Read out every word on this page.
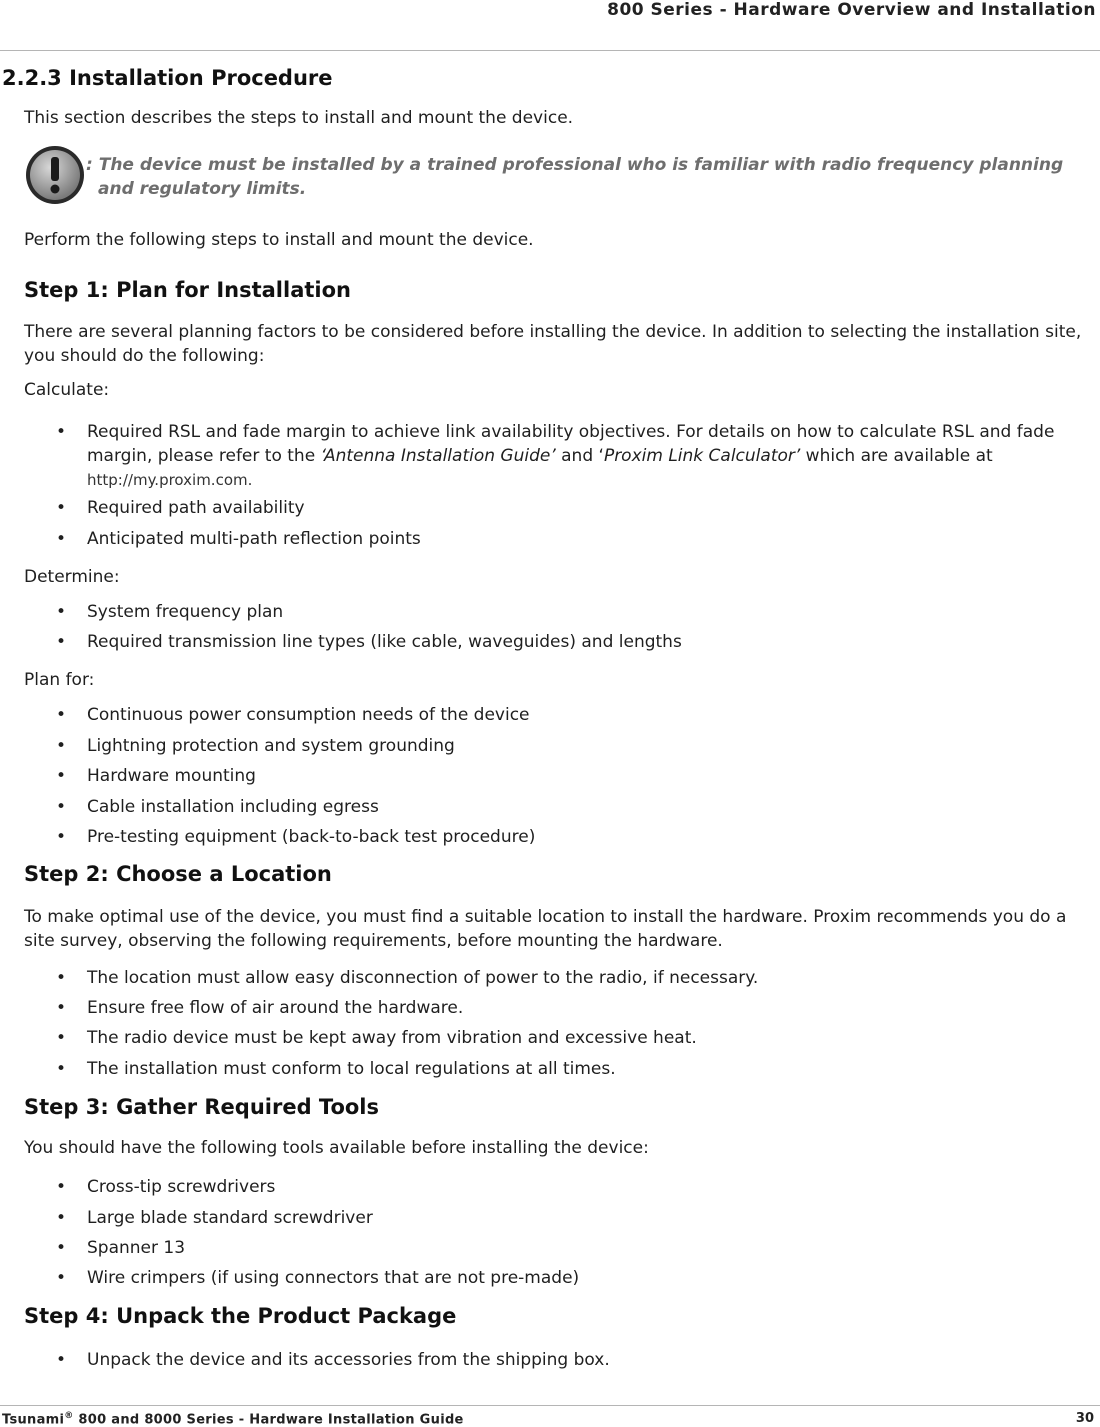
800 Series - Hardware Overview and Installation
2.2.3 Installation Procedure
This section describes the steps to install and mount the device.
: The device must be installed by a trained professional who is familiar with radio frequency planning and regulatory limits.
Perform the following steps to install and mount the device.
Step 1: Plan for Installation
There are several planning factors to be considered before installing the device. In addition to selecting the installation site, you should do the following:
Calculate:
• Required RSL and fade margin to achieve link availability objectives. For details on how to calculate RSL and fade margin, please refer to the ‘Antenna Installation Guide’ and ‘Proxim Link Calculator’ which are available at
http://my.proxim.com.
• Required path availability
• Anticipated multi-path reflection points
Determine:
• System frequency plan
• Required transmission line types (like cable, waveguides) and lengths
Plan for:
• Continuous power consumption needs of the device
• Lightning protection and system grounding
• Hardware mounting
• Cable installation including egress
• Pre-testing equipment (back-to-back test procedure)
Step 2: Choose a Location
To make optimal use of the device, you must find a suitable location to install the hardware. Proxim recommends you do a site survey, observing the following requirements, before mounting the hardware.
• The location must allow easy disconnection of power to the radio, if necessary.
• Ensure free flow of air around the hardware.
• The radio device must be kept away from vibration and excessive heat.
• The installation must conform to local regulations at all times.
Step 3: Gather Required Tools
You should have the following tools available before installing the device:
• Cross-tip screwdrivers
• Large blade standard screwdriver
• Spanner 13
• Wire crimpers (if using connectors that are not pre-made)
Step 4: Unpack the Product Package
• Unpack the device and its accessories from the shipping box.
Tsunami® 800 and 8000 Series - Hardware Installation Guide	30
